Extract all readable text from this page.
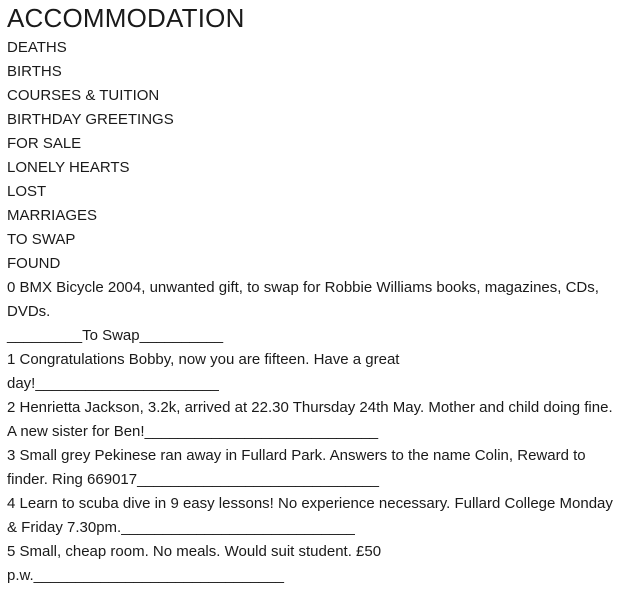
ACCOMMODATION
DEATHS
BIRTHS
COURSES & TUITION
BIRTHDAY GREETINGS
FOR SALE
LONELY HEARTS
LOST
MARRIAGES
TO SWAP
FOUND
0 BMX Bicycle 2004, unwanted gift, to swap for Robbie Williams books, magazines, CDs, DVDs.
_________To Swap__________
1 Congratulations Bobby, now you are fifteen. Have a great day!______________________
2 Henrietta Jackson, 3.2k, arrived at 22.30 Thursday 24th May. Mother and child doing fine. A new sister for Ben!____________________________
3 Small grey Pekinese ran away in Fullard Park. Answers to the name Colin, Reward to finder. Ring 669017_____________________________
4 Learn to scuba dive in 9 easy lessons! No experience necessary. Fullard College Monday & Friday 7.30pm.____________________________
5 Small, cheap room. No meals. Would suit student. £50 p.w.______________________________
